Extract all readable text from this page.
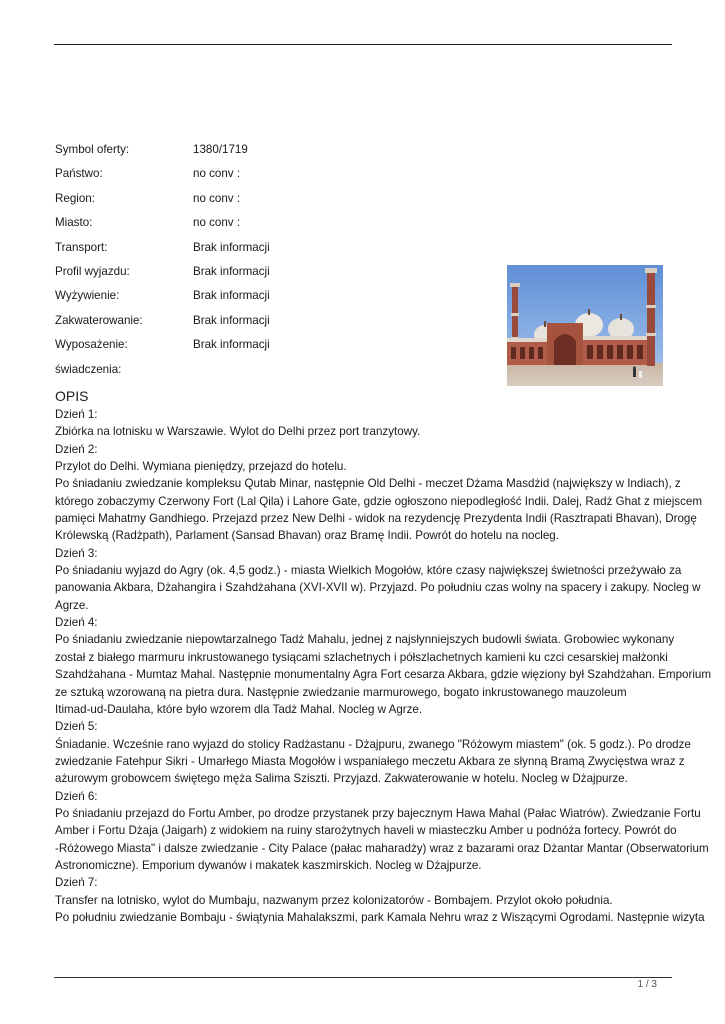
Symbol oferty:	1380/1719
Państwo:	no conv :
Region:	no conv :
Miasto:	no conv :
Transport:	Brak informacji
Profil wyjazdu:	Brak informacji
Wyżywienie:	Brak informacji
Zakwaterowanie:	Brak informacji
Wyposażenie:	Brak informacji
świadczenia:
OPIS

Dzień 1:

Zbiórka na lotnisku w Warszawie. Wylot do Delhi przez port tranzytowy.

Dzień 2:

Przylot do Delhi. Wymiana pieniędzy, przejazd do hotelu.

Po śniadaniu zwiedzanie kompleksu Qutab Minar, następnie Old Delhi - meczet Dżama Masdżid (największy w Indiach), z

którego zobaczymy Czerwony Fort (Lal Qila) i Lahore Gate, gdzie ogłoszono niepodległość Indii. Dalej, Radż Ghat z miejscem

pamięci Mahatmy Gandhiego. Przejazd przez New Delhi - widok na rezydencję Prezydenta Indii (Rasztrapati Bhavan), Drogę

Królewską (Radżpath), Parlament (Sansad Bhavan) oraz Bramę Indii. Powrót do hotelu na nocleg.

Dzień 3:

Po śniadaniu wyjazd do Agry (ok. 4,5 godz.) - miasta Wielkich Mogołów, które czasy największej świetności przeżywało za

panowania Akbara, Dżahangira i Szahdżahana (XVI-XVII w). Przyjazd. Po południu czas wolny na spacery i zakupy. Nocleg w

Agrze.

Dzień 4:

Po śniadaniu zwiedzanie niepowtarzalnego Tadż Mahalu, jednej z najsłynniejszych budowli świata. Grobowiec wykonany

został z białego marmuru inkrustowanego tysiącami szlachetnych i półszlachetnych kamieni ku czci cesarskiej małżonki

Szahdżahana - Mumtaz Mahal. Następnie monumentalny Agra Fort cesarza Akbara, gdzie więziony był Szahdżahan. Emporium

ze sztuką wzorowaną na pietra dura. Następnie zwiedzanie marmurowego, bogato inkrustowanego mauzoleum

Itimad-ud-Daulaha, które było wzorem dla Tadż Mahal. Nocleg w Agrze.

Dzień 5:

Śniadanie. Wcześnie rano wyjazd do stolicy Radżastanu - Dżajpuru, zwanego "Różowym miastem" (ok. 5 godz.). Po drodze

zwiedzanie Fatehpur Sikri - Umarłego Miasta Mogołów i wspaniałego meczetu Akbara ze słynną Bramą Zwycięstwa wraz z

ażurowym grobowcem świętego męża Salima Sziszti. Przyjazd. Zakwaterowanie w hotelu. Nocleg w Dżajpurze.

Dzień 6:

Po śniadaniu przejazd do Fortu Amber, po drodze przystanek przy bajecznym Hawa Mahal (Pałac Wiatrów). Zwiedzanie Fortu

Amber i Fortu Dżaja (Jaigarh) z widokiem na ruiny starożytnych haveli w miasteczku Amber u podnóża fortecy. Powrót do

-Różowego Miasta" i dalsze zwiedzanie - City Palace (pałac maharadży) wraz z bazarami oraz Dżantar Mantar (Obserwatorium

Astronomiczne). Emporium dywanów i makatek kaszmirskich. Nocleg w Dżajpurze.

Dzień 7:

Transfer na lotnisko, wylot do Mumbaju, nazwanym przez kolonizatorów - Bombajem. Przylot około południa.

Po południu zwiedzanie Bombaju - świątynia Mahalakszmi, park Kamala Nehru wraz z Wiszącymi Ogrodami. Następnie wizyta

1 / 3
